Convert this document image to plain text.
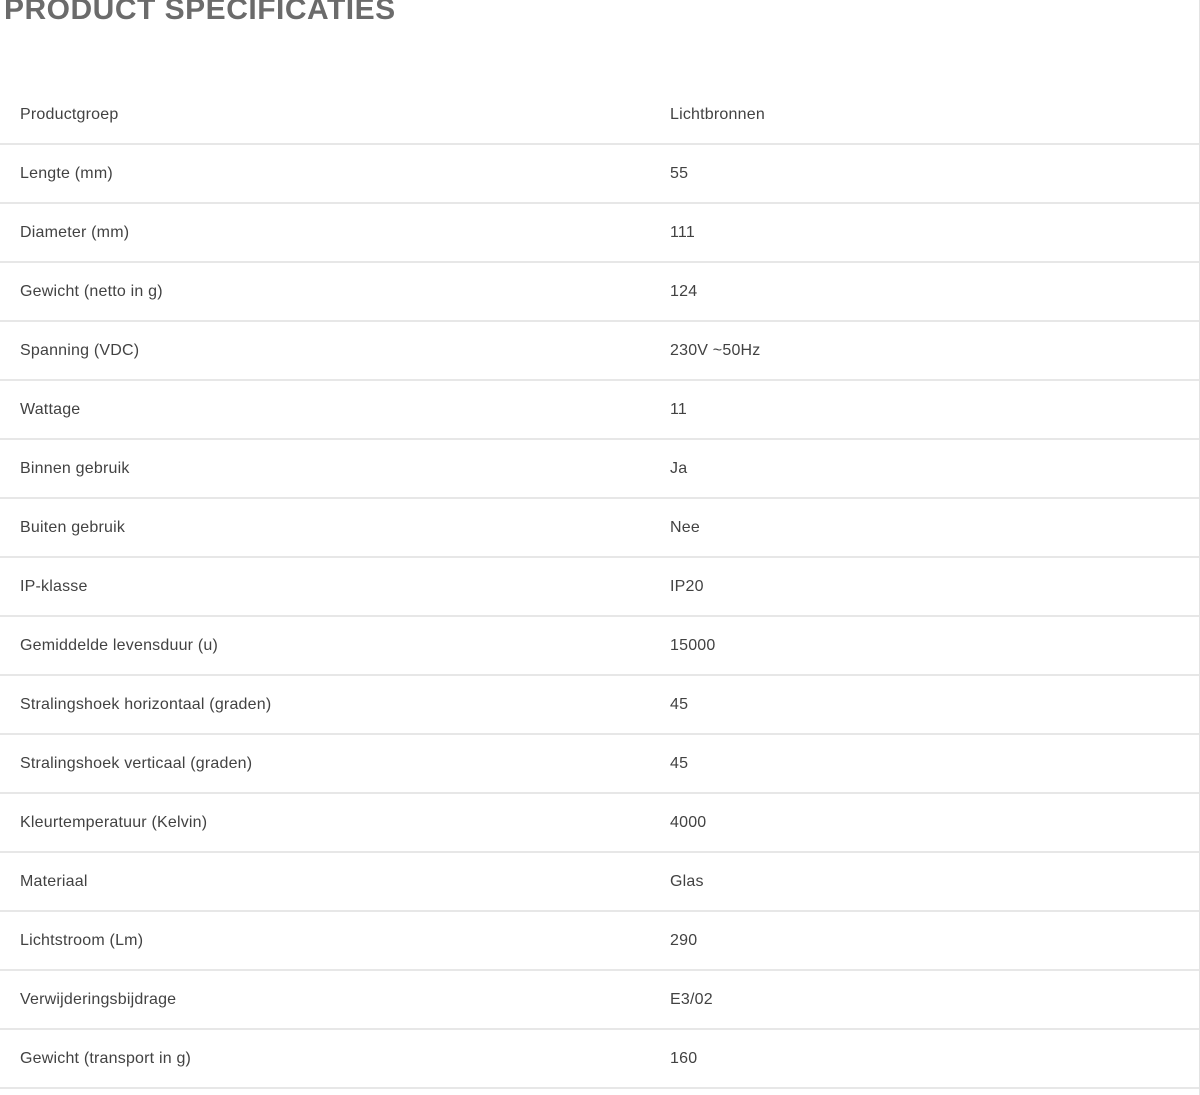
PRODUCT SPECIFICATIES
Productgroep	Lichtbronnen
Lengte (mm)	55
Diameter (mm)	111
Gewicht (netto in g)	124
Spanning (VDC)	230V ~50Hz
Wattage	11
Binnen gebruik	Ja
Buiten gebruik	Nee
IP-klasse	IP20
Gemiddelde levensduur (u)	15000
Stralingshoek horizontaal (graden)	45
Stralingshoek verticaal (graden)	45
Kleurtemperatuur (Kelvin)	4000
Materiaal	Glas
Lichtstroom (Lm)	290
Verwijderingsbijdrage	E3/02
Gewicht (transport in g)	160
